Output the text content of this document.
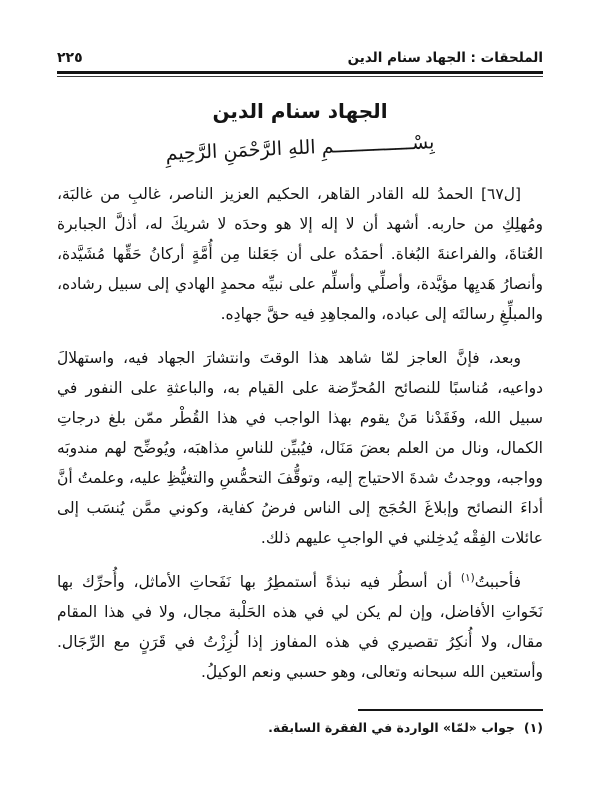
الملحقات : الجهاد سنام الدين
٢٢٥
الجهاد سنام الدين
بِسْــــــــــــــمِ اللهِ الرَّحْمَنِ الرَّحِيمِ

[ل٦٧] الحمدُ لله القادر القاهر، الحكيم العزيز الناصر، غالبِ من غالبَة، ومُهلِكِ من حاربه. أشهد أن لا إله إلا هو وحدَه لا شريكَ له، أذلَّ الجبابرة العُتاةَ، والفراعنةَ البُغاة. أحمَدُه على أن جَعَلنا مِن أُمَّةٍ أركانُ حَقِّها مُشَيَّدة، وأنصارُ هَديِها مؤيَّدة، وأصلِّي وأسلِّم على نبيِّه محمدٍ الهادي إلى سبيل رشاده، والمبلِّغِ رسالتَه إلى عباده، والمجاهِدِ فيه حقَّ جهادِه.

وبعد، فإنَّ العاجز لمّا شاهد هذا الوقتَ وانتشارَ الجهاد فيه، واستهلالَ دواعيه، مُناسبًا للنصائح المُحرِّضة على القيام به، والباعثةِ على النفور في سبيل الله، وفَقَدْنا مَنْ يقوم بهذا الواجب في هذا القُطْر ممّن بلغ درجاتِ الكمال، ونال من العلم بعضَ مَنَال، فيُبيِّن للناسِ مذاهبَه، ويُوضِّح لهم مندوبَه وواجبه، ووجدتُ شدةَ الاحتياج إليه، وتوقُّفَ التحمُّسِ والتغيُّظِ عليه، وعلمتُ أنَّ أداءَ النصائح وإبلاغَ الحُجَج إلى الناس فرضُ كفاية، وكوني ممَّن يُنسَب إلى عائلات الفِقْه يُدخِلني في الواجبِ عليهم ذلك.

فأحببتُ$^{(١)}$ أن أسطُر فيه نبذةً أستمطِرُ بها نَفَحاتِ الأماثل، وأُحرِّك بها نَخَواتِ الأفاضل، وإن لم يكن لي في هذه الحَلْبة مجال، ولا في هذا المقام مقال، ولا أُنكِرُ تقصيري في هذه المفاوز إذا لُزِزْتُ في قَرَنٍ مع الرِّجَال. وأستعين الله سبحانه وتعالى، وهو حسبي ونعم الوكيلُ.

(١)جواب «لمّا» الواردة في الفقرة السابقة.
